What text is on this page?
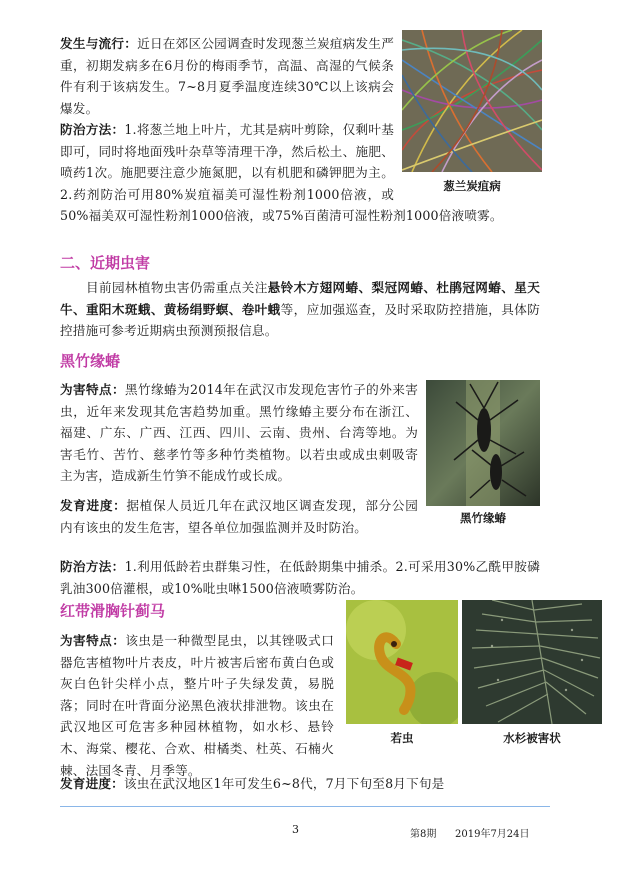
葱兰炭疽病

发生与流行：近日在郊区公园调查时发现葱兰炭疽病发生严重，初期发病多在6月份的梅雨季节，高温、高湿的气候条件有利于该病发生。7~8月夏季温度连续30℃以上该病会爆发。

防治方法：1.将葱兰地上叶片，尤其是病叶剪除，仅剩叶基即可，同时将地面残叶杂草等清理干净，然后松土、施肥、喷药1次。施肥要注意少施氮肥，以有机肥和磷钾肥为主。2.药剂防治可用80%炭疽福美可湿性粉剂1000倍液，或50%福美双可湿性粉剂1000倍液，或75%百菌清可湿性粉剂1000倍液喷雾。

二、近期虫害

目前园林植物虫害仍需重点关注悬铃木方翅网蝽、梨冠网蝽、杜鹃冠网蝽、星天牛、重阳木斑蛾、黄杨绢野螟、卷叶蛾等，应加强巡查，及时采取防控措施，具体防控措施可参考近期病虫预测预报信息。

黑竹缘蝽
黑竹缘蝽

为害特点：黑竹缘蝽为2014年在武汉市发现危害竹子的外来害虫，近年来发现其危害趋势加重。黑竹缘蝽主要分布在浙江、福建、广东、广西、江西、四川、云南、贵州、台湾等地。为害毛竹、苦竹、慈孝竹等多种竹类植物。以若虫或成虫刺吸寄主为害，造成新生竹笋不能成竹或长成。

发育进度：据植保人员近几年在武汉地区调查发现，部分公园内有该虫的发生危害，望各单位加强监测并及时防治。

防治方法：1.利用低龄若虫群集习性，在低龄期集中捕杀。2.可采用30%乙酰甲胺磷乳油300倍灌根，或10%吡虫啉1500倍液喷雾防治。

红带滑胸针蓟马
若虫	水杉被害状

为害特点：该虫是一种微型昆虫，以其锉吸式口器危害植物叶片表皮，叶片被害后密布黄白色或灰白色针尖样小点，整片叶子失绿发黄，易脱落；同时在叶背面分泌黑色液状排泄物。该虫在武汉地区可危害多种园林植物，如水杉、悬铃木、海棠、樱花、合欢、柑橘类、杜英、石楠火棘、法国冬青、月季等。

发育进度：该虫在武汉地区1年可发生6~8代，7月下旬至8月下旬是

3	第8期 2019年7月24日
